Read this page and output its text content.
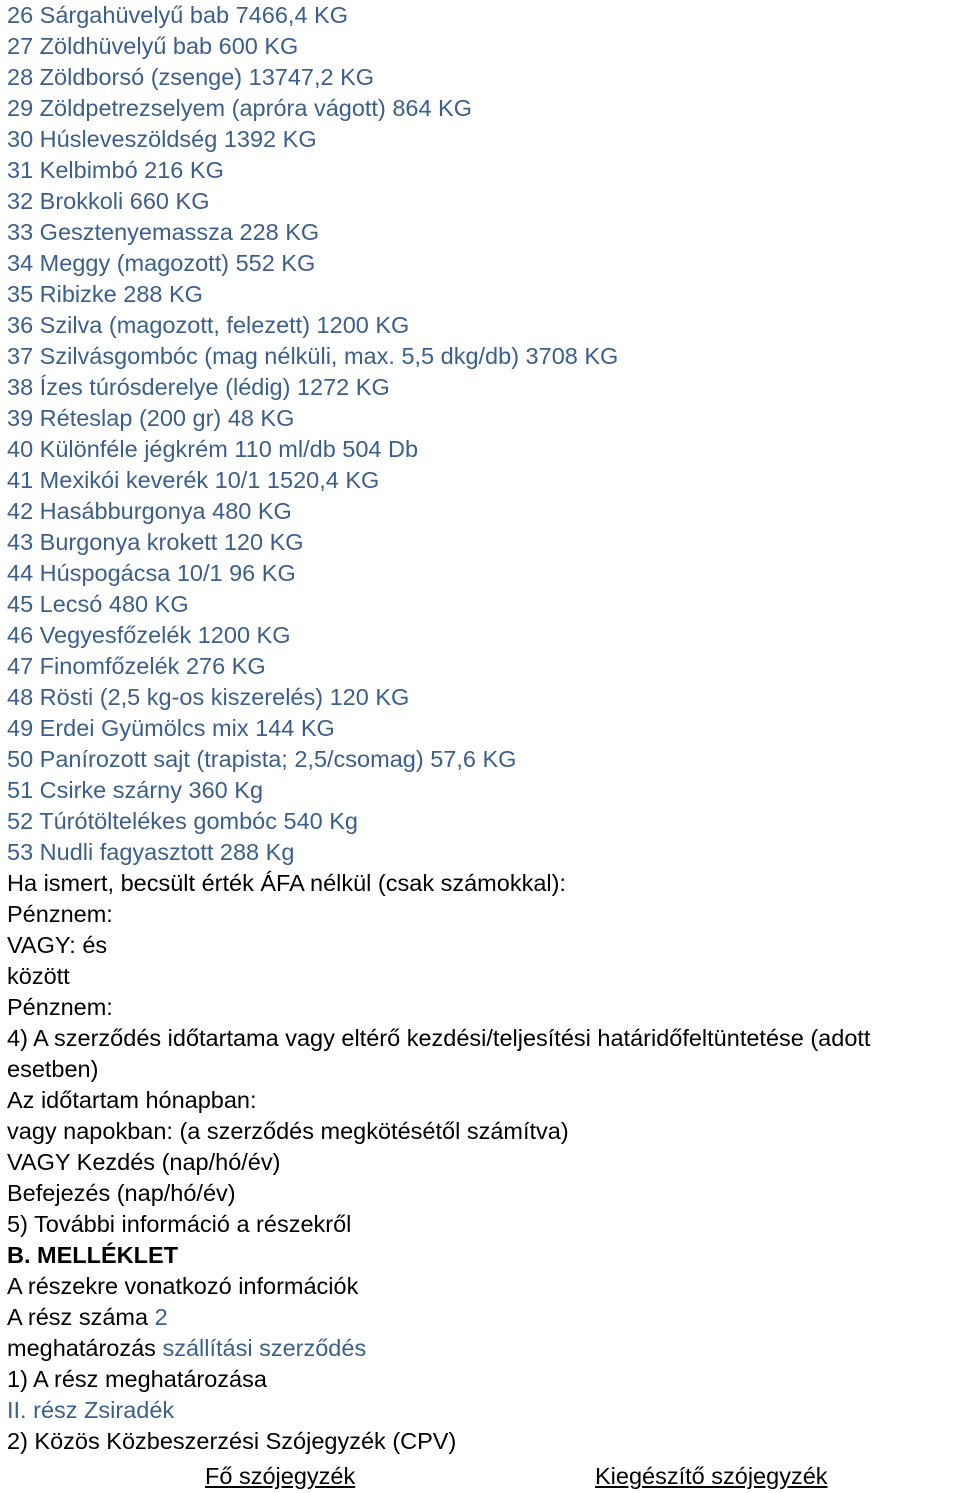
26 Sárgahüvelyű bab 7466,4 KG
27 Zöldhüvelyű bab 600 KG
28 Zöldborsó (zsenge) 13747,2 KG
29 Zöldpetrezselyem (apróra vágott) 864 KG
30 Húsleveszöldség 1392 KG
31 Kelbimbó 216 KG
32 Brokkoli 660 KG
33 Gesztenyemassza 228 KG
34 Meggy (magozott) 552 KG
35 Ribizke 288 KG
36 Szilva (magozott, felezett) 1200 KG
37 Szilvásgombóc (mag nélküli, max. 5,5 dkg/db) 3708 KG
38 Ízes túrósderelye (lédig) 1272 KG
39 Réteslap (200 gr) 48 KG
40 Különféle jégkrém 110 ml/db 504 Db
41 Mexikói keverék 10/1 1520,4 KG
42 Hasábburgonya 480 KG
43 Burgonya krokett 120 KG
44 Húspogácsa 10/1 96 KG
45 Lecsó 480 KG
46 Vegyesfőzelék 1200 KG
47 Finomfőzelék 276 KG
48 Rösti (2,5 kg-os kiszerelés) 120 KG
49 Erdei Gyümölcs mix 144 KG
50 Panírozott sajt (trapista; 2,5/csomag) 57,6 KG
51 Csirke szárny 360 Kg
52 Túrótöltelékes gombóc 540 Kg
53 Nudli fagyasztott 288 Kg
Ha ismert, becsült érték ÁFA nélkül (csak számokkal):
Pénznem:
VAGY: és
között
Pénznem:
4) A szerződés időtartama vagy eltérő kezdési/teljesítési határidőfeltüntetése (adott esetben)
Az időtartam hónapban:
vagy napokban: (a szerződés megkötésétől számítva)
VAGY Kezdés (nap/hó/év)
Befejezés (nap/hó/év)
5) További információ a részekről
B. MELLÉKLET
A részekre vonatkozó információk
A rész száma 2
meghatározás szállítási szerződés
1) A rész meghatározása
II. rész Zsiradék
2) Közös Közbeszerzési Szójegyzék (CPV)
Fő szójegyzék	Kiegészítő szójegyzék
